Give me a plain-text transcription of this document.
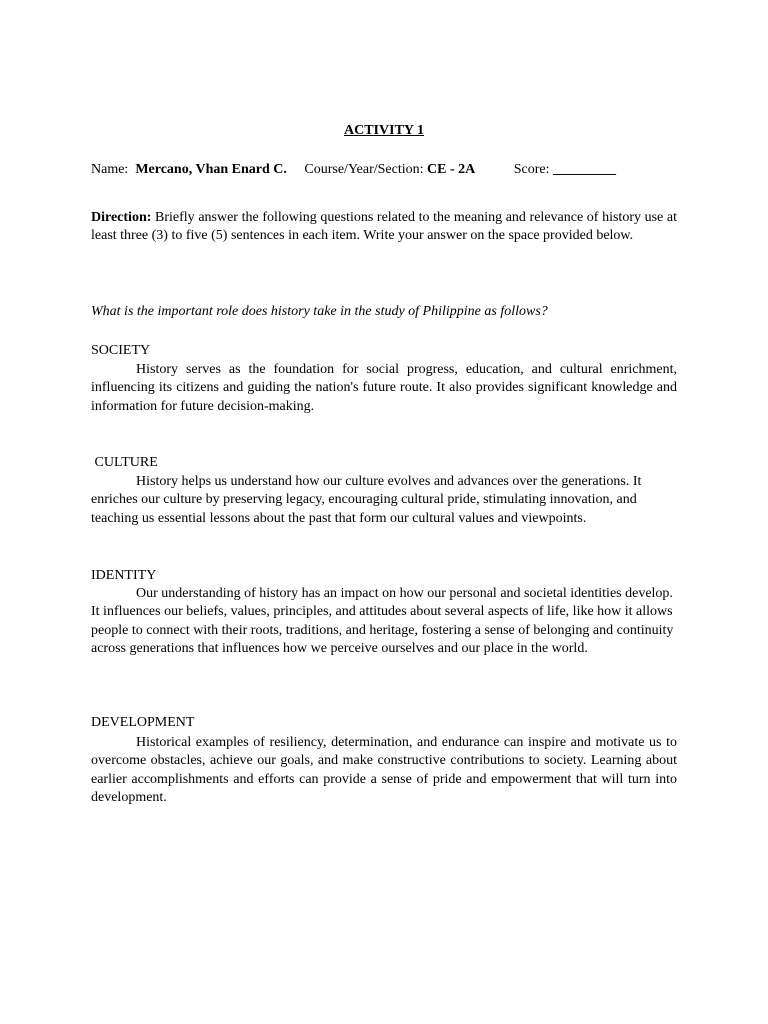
ACTIVITY 1
Name: Mercano, Vhan Enard C. Course/Year/Section: CE - 2A	Score: _________
Direction: Briefly answer the following questions related to the meaning and relevance of history use at least three (3) to five (5) sentences in each item. Write your answer on the space provided below.
What is the important role does history take in the study of Philippine as follows?
SOCIETY
History serves as the foundation for social progress, education, and cultural enrichment, influencing its citizens and guiding the nation's future route. It also provides significant knowledge and information for future decision-making.
CULTURE
History helps us understand how our culture evolves and advances over the generations. It enriches our culture by preserving legacy, encouraging cultural pride, stimulating innovation, and teaching us essential lessons about the past that form our cultural values and viewpoints.
IDENTITY
Our understanding of history has an impact on how our personal and societal identities develop. It influences our beliefs, values, principles, and attitudes about several aspects of life, like how it allows people to connect with their roots, traditions, and heritage, fostering a sense of belonging and continuity across generations that influences how we perceive ourselves and our place in the world.
DEVELOPMENT
Historical examples of resiliency, determination, and endurance can inspire and motivate us to overcome obstacles, achieve our goals, and make constructive contributions to society. Learning about earlier accomplishments and efforts can provide a sense of pride and empowerment that will turn into development.
